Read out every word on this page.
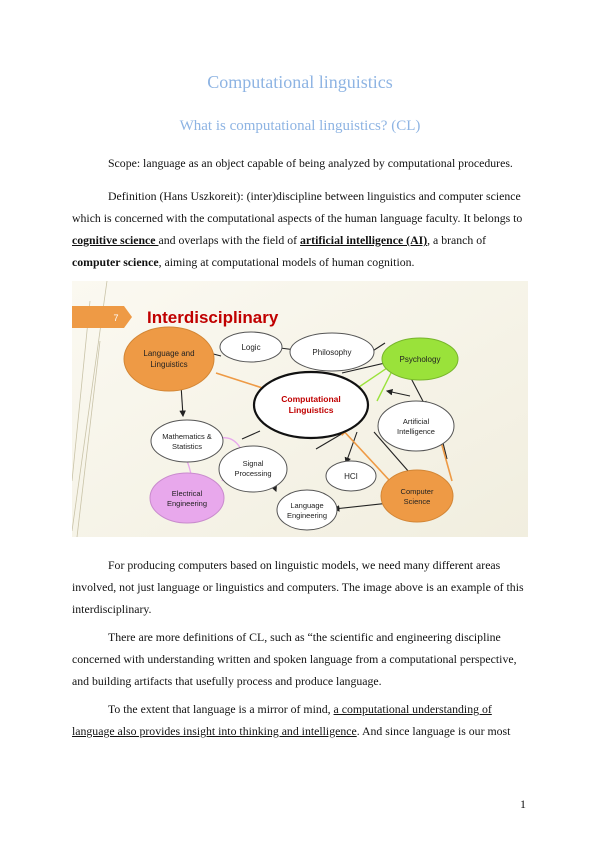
Computational linguistics
What is computational linguistics? (CL)

Scope: language as an object capable of being analyzed by computational procedures.

Definition (Hans Uszkoreit): (inter)discipline between linguistics and computer science which is concerned with the computational aspects of the human language faculty. It belongs to cognitive science and overlaps with the field of artificial intelligence (AI), a branch of computer science, aiming at computational models of human cognition.

7 Interdisciplinary
Language and
Linguistics
Logic
Philosophy
Psychology
Computational
Linguistics
Mathematics &
Statistics
Artificial
Intelligence
Signal
Processing	HCI
Electrical
Engineering
Computer
Science
Language
Engineering

For producing computers based on linguistic models, we need many different areas involved, not just language or linguistics and computers. The image above is an example of this interdisciplinary.

There are more definitions of CL, such as “the scientific and engineering discipline concerned with understanding written and spoken language from a computational perspective, and building artifacts that usefully process and produce language.

To the extent that language is a mirror of mind, a computational understanding of language also provides insight into thinking and intelligence. And since language is our most

1
